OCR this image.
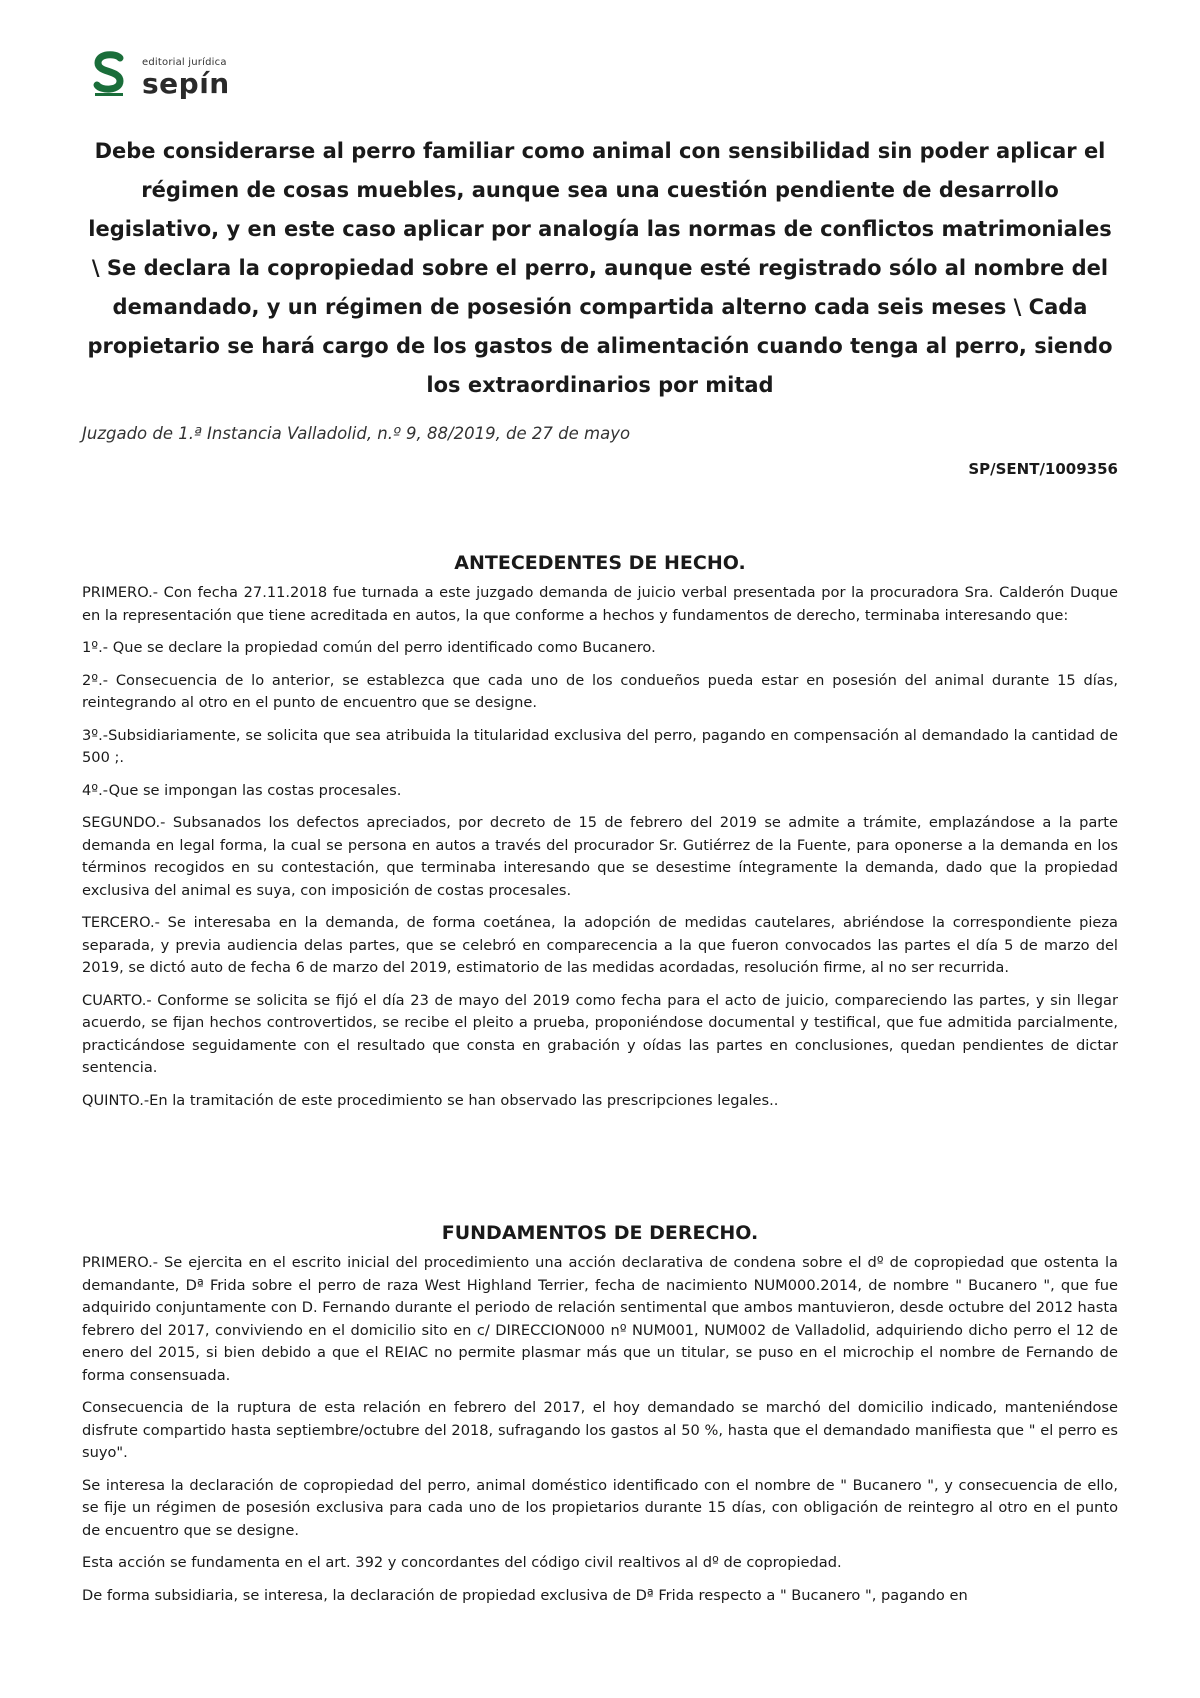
editorial jurídica
sepín
Debe considerarse al perro familiar como animal con sensibilidad sin poder aplicar el régimen de cosas muebles, aunque sea una cuestión pendiente de desarrollo legislativo, y en este caso aplicar por analogía las normas de conflictos matrimoniales \ Se declara la copropiedad sobre el perro, aunque esté registrado sólo al nombre del demandado, y un régimen de posesión compartida alterno cada seis meses \ Cada propietario se hará cargo de los gastos de alimentación cuando tenga al perro, siendo los extraordinarios por mitad
Juzgado de 1.ª Instancia Valladolid, n.º 9, 88/2019, de 27 de mayo
SP/SENT/1009356
ANTECEDENTES DE HECHO.

PRIMERO.- Con fecha 27.11.2018 fue turnada a este juzgado demanda de juicio verbal presentada por la procuradora Sra. Calderón Duque en la representación que tiene acreditada en autos, la que conforme a hechos y fundamentos de derecho, terminaba interesando que:

1º.- Que se declare la propiedad común del perro identificado como Bucanero.

2º.- Consecuencia de lo anterior, se establezca que cada uno de los condueños pueda estar en posesión del animal durante 15 días, reintegrando al otro en el punto de encuentro que se designe.

3º.-Subsidiariamente, se solicita que sea atribuida la titularidad exclusiva del perro, pagando en compensación al demandado la cantidad de 500 ;.

4º.-Que se impongan las costas procesales.

SEGUNDO.- Subsanados los defectos apreciados, por decreto de 15 de febrero del 2019 se admite a trámite, emplazándose a la parte demanda en legal forma, la cual se persona en autos a través del procurador Sr. Gutiérrez de la Fuente, para oponerse a la demanda en los términos recogidos en su contestación, que terminaba interesando que se desestime íntegramente la demanda, dado que la propiedad exclusiva del animal es suya, con imposición de costas procesales.

TERCERO.- Se interesaba en la demanda, de forma coetánea, la adopción de medidas cautelares, abriéndose la correspondiente pieza separada, y previa audiencia delas partes, que se celebró en comparecencia a la que fueron convocados las partes el día 5 de marzo del 2019, se dictó auto de fecha 6 de marzo del 2019, estimatorio de las medidas acordadas, resolución firme, al no ser recurrida.

CUARTO.- Conforme se solicita se fijó el día 23 de mayo del 2019 como fecha para el acto de juicio, compareciendo las partes, y sin llegar acuerdo, se fijan hechos controvertidos, se recibe el pleito a prueba, proponiéndose documental y testifical, que fue admitida parcialmente, practicándose seguidamente con el resultado que consta en grabación y oídas las partes en conclusiones, quedan pendientes de dictar sentencia.

QUINTO.-En la tramitación de este procedimiento se han observado las prescripciones legales..

FUNDAMENTOS DE DERECHO.

PRIMERO.- Se ejercita en el escrito inicial del procedimiento una acción declarativa de condena sobre el dº de copropiedad que ostenta la demandante, Dª Frida sobre el perro de raza West Highland Terrier, fecha de nacimiento NUM000.2014, de nombre " Bucanero ", que fue adquirido conjuntamente con D. Fernando durante el periodo de relación sentimental que ambos mantuvieron, desde octubre del 2012 hasta febrero del 2017, conviviendo en el domicilio sito en c/ DIRECCION000 nº NUM001, NUM002 de Valladolid, adquiriendo dicho perro el 12 de enero del 2015, si bien debido a que el REIAC no permite plasmar más que un titular, se puso en el microchip el nombre de Fernando de forma consensuada.

Consecuencia de la ruptura de esta relación en febrero del 2017, el hoy demandado se marchó del domicilio indicado, manteniéndose disfrute compartido hasta septiembre/octubre del 2018, sufragando los gastos al 50 %, hasta que el demandado manifiesta que " el perro es suyo".

Se interesa la declaración de copropiedad del perro, animal doméstico identificado con el nombre de " Bucanero ", y consecuencia de ello, se fije un régimen de posesión exclusiva para cada uno de los propietarios durante 15 días, con obligación de reintegro al otro en el punto de encuentro que se designe.

Esta acción se fundamenta en el art. 392 y concordantes del código civil realtivos al dº de copropiedad.

De forma subsidiaria, se interesa, la declaración de propiedad exclusiva de Dª Frida respecto a " Bucanero ", pagando en
